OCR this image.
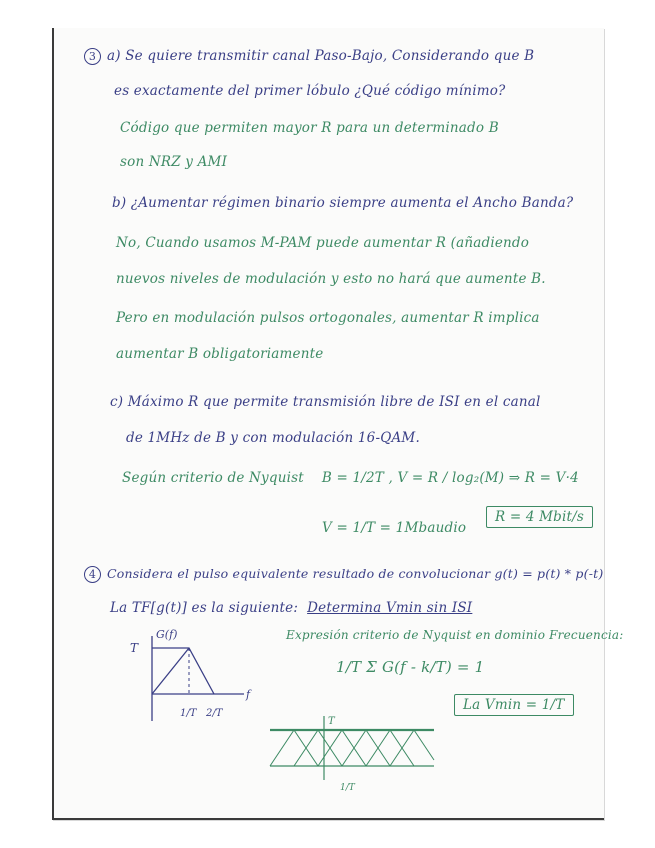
3 a) Se quiere transmitir canal Paso-Bajo, Considerando que B
es exactamente del primer lóbulo ¿Qué código mínimo?
Código que permiten mayor R para un determinado B
son NRZ y AMI
b) ¿Aumentar régimen binario siempre aumenta el Ancho Banda?
No, Cuando usamos M-PAM puede aumentar R (añadiendo
nuevos niveles de modulación y esto no hará que aumente B.
Pero en modulación pulsos ortogonales, aumentar R implica
aumentar B obligatoriamente
c) Máximo R que permite transmisión libre de ISI en el canal
de 1MHz de B y con modulación 16-QAM.
Según criterio de Nyquist B = 1/2T , V = R / log₂(M) ⇒ R = V·4
V = 1/T = 1Mbaudio
R = 4 Mbit/s
4 Considera el pulso equivalente resultado de convolucionar g(t) = p(t) * p(-t)
La TF[g(t)] es la siguiente: Determina Vmin sin ISI
Expresión criterio de Nyquist en dominio Frecuencia:
1/T Σ G(f - k/T) = 1
La Vmin = 1/T
G(f)
T
f
1/T 2/T
T
1/T
